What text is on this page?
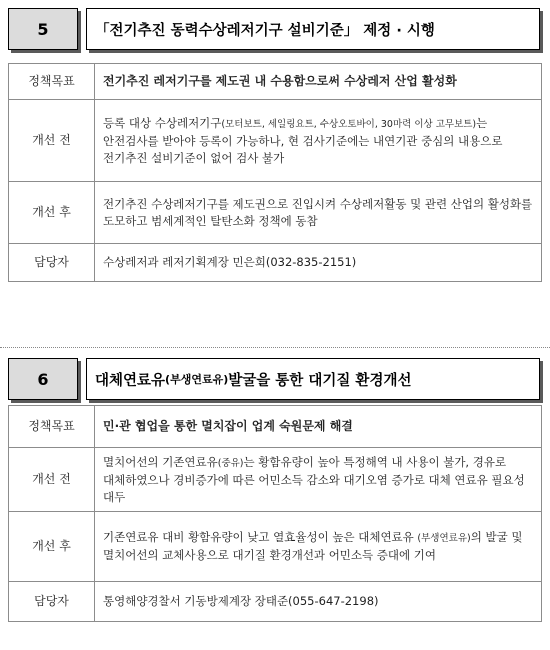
5	「전기추진 동력수상레저기구 설비기준」 제정 · 시행
정책목표	전기추진 레저기구를 제도권 내 수용함으로써 수상레저 산업 활성화
개선 전	등록 대상 수상레저기구(모터보트, 세일링요트, 수상오토바이, 30마력 이상 고무보트)는 안전검사를 받아야 등록이 가능하나, 현 검사기준에는 내연기관 중심의 내용으로 전기추진 설비기준이 없어 검사 불가
개선 후	전기추진 수상레저기구를 제도권으로 진입시켜 수상레저활동 및 관련 산업의 활성화를 도모하고 범세계적인 탈탄소화 정책에 동참
담당자	수상레저과 레저기획계장 민은희(032-835-2151)
6	대체연료유 (부생연료유) 발굴을 통한 대기질 환경개선
정책목표	민·관 협업을 통한 멸치잡이 업계 숙원문제 해결
개선 전	멸치어선의 기존연료유(중유)는 황함유량이 높아 특정해역 내 사용이 불가, 경유로 대체하였으나 경비증가에 따른 어민소득 감소와 대기오염 증가로 대체 연료유 필요성 대두
개선 후	기존연료유 대비 황함유량이 낮고 열효율성이 높은 대체연료유 (부생연료유)의 발굴 및 멸치어선의 교체사용으로 대기질 환경개선과 어민소득 증대에 기여
담당자	통영해양경찰서 기동방제계장 장태준(055-647-2198)
